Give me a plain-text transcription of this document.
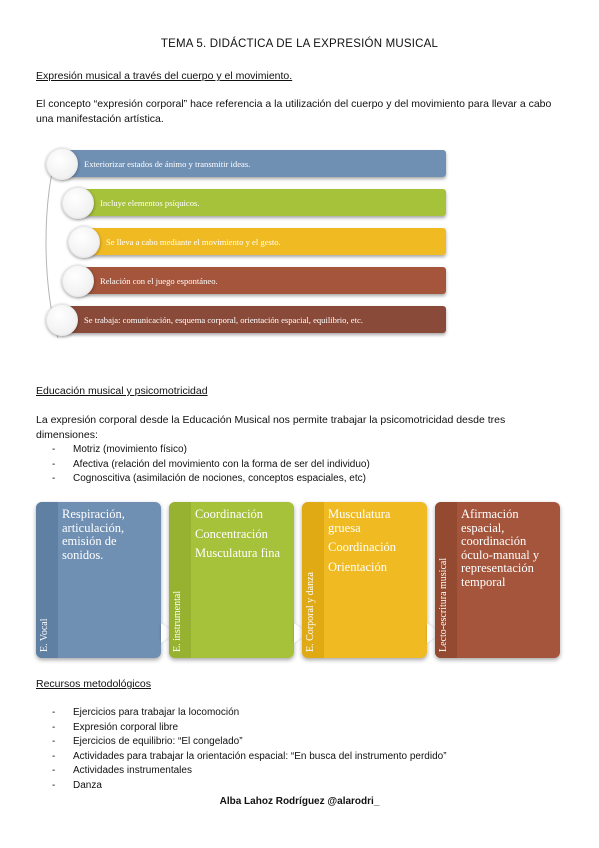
TEMA 5. DIDÁCTICA DE LA EXPRESIÓN MUSICAL
Expresión musical a través del cuerpo y el movimiento.
El concepto “expresión corporal” hace referencia a la utilización del cuerpo y del movimiento para llevar a cabo una manifestación artística.
Exteriorizar estados de ánimo y transmitir ideas.
Incluye elementos psíquicos.
Se lleva a cabo mediante el movimiento y el gesto.
Relación con el juego espontáneo.
Se trabaja: comunicación, esquema corporal, orientación espacial, equilibrio, etc.
Educación musical y psicomotricidad
La expresión corporal desde la Educación Musical nos permite trabajar la psicomotricidad desde tres dimensiones:
- Motriz (movimiento físico)
- Afectiva (relación del movimiento con la forma de ser del individuo)
- Cognoscitiva (asimilación de nociones, conceptos espaciales, etc)
E. Vocal
Respiración, articulación, emisión de sonidos.
E. instrumental
Coordinación
Concentración
Musculatura fina
E. Corporal y danza
Musculatura gruesa
Coordinación
Orientación	Lecto-escritura musical
Afirmación espacial, coordinación óculo-manual y representación temporal
Recursos metodológicos
- Ejercicios para trabajar la locomoción
- Expresión corporal libre
- Ejercicios de equilibrio: “El congelado”
- Actividades para trabajar la orientación espacial: “En busca del instrumento perdido”
- Actividades instrumentales
- Danza
Alba Lahoz Rodríguez @alarodri_
